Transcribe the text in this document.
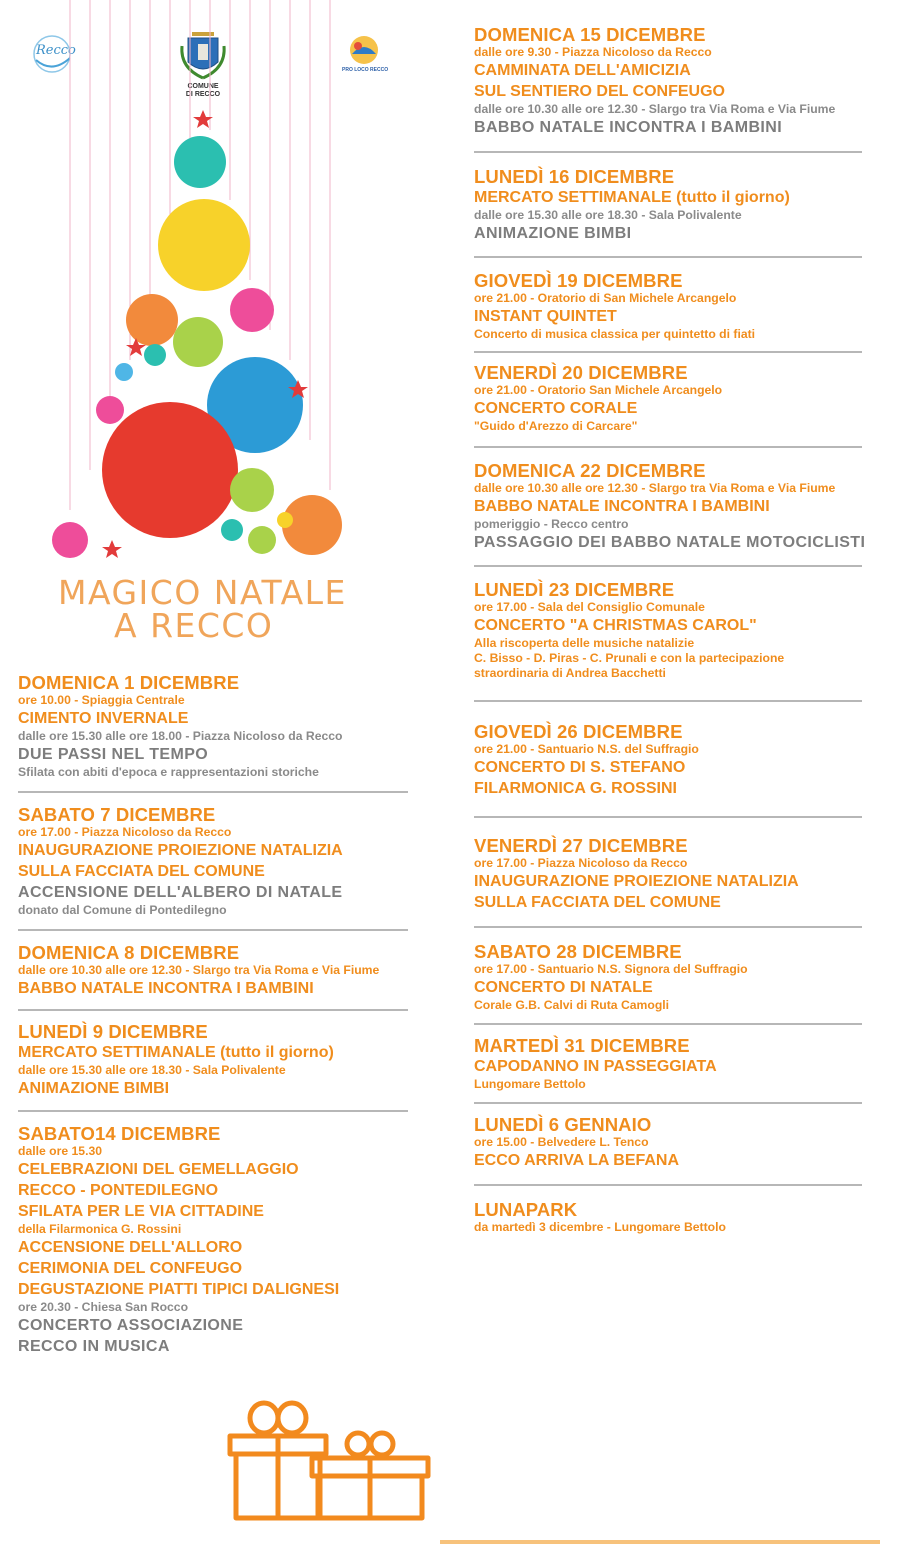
Recco
COMUNE
DI RECCO
PRO LOCO RECCO
MAGICO NATALE
A RECCO
DOMENICA 1 DICEMBRE
ore 10.00 - Spiaggia Centrale
CIMENTO INVERNALE
dalle ore 15.30 alle ore 18.00 - Piazza Nicoloso da Recco
DUE PASSI NEL TEMPO
Sfilata con abiti d'epoca e rappresentazioni storiche
SABATO 7 DICEMBRE
ore 17.00 - Piazza Nicoloso da Recco
INAUGURAZIONE PROIEZIONE NATALIZIA
SULLA FACCIATA DEL COMUNE
ACCENSIONE DELL'ALBERO DI NATALE
donato dal Comune di Pontedilegno
DOMENICA 8 DICEMBRE
dalle ore 10.30 alle ore 12.30 - Slargo tra Via Roma e Via Fiume
BABBO NATALE INCONTRA I BAMBINI
LUNEDÌ 9 DICEMBRE
MERCATO SETTIMANALE (tutto il giorno)
dalle ore 15.30 alle ore 18.30 - Sala Polivalente
ANIMAZIONE BIMBI
SABATO14 DICEMBRE
dalle ore 15.30
CELEBRAZIONI DEL GEMELLAGGIO
RECCO - PONTEDILEGNO
SFILATA PER LE VIA CITTADINE
della Filarmonica G. Rossini
ACCENSIONE DELL'ALLORO
CERIMONIA DEL CONFEUGO
DEGUSTAZIONE PIATTI TIPICI DALIGNESI
ore 20.30 - Chiesa San Rocco
CONCERTO ASSOCIAZIONE
RECCO IN MUSICA
DOMENICA 15 DICEMBRE
dalle ore 9.30 - Piazza Nicoloso da Recco
CAMMINATA DELL'AMICIZIA
SUL SENTIERO DEL CONFEUGO
dalle ore 10.30 alle ore 12.30 - Slargo tra Via Roma e Via Fiume
BABBO NATALE INCONTRA I BAMBINI
LUNEDÌ 16 DICEMBRE
MERCATO SETTIMANALE (tutto il giorno)
dalle ore 15.30 alle ore 18.30 - Sala Polivalente
ANIMAZIONE BIMBI
GIOVEDÌ 19 DICEMBRE
ore 21.00 - Oratorio di San Michele Arcangelo
INSTANT QUINTET
Concerto di musica classica per quintetto di fiati
VENERDÌ 20 DICEMBRE
ore 21.00 - Oratorio San Michele Arcangelo
CONCERTO CORALE
"Guido d'Arezzo di Carcare"
DOMENICA 22 DICEMBRE
dalle ore 10.30 alle ore 12.30 - Slargo tra Via Roma e Via Fiume
BABBO NATALE INCONTRA I BAMBINI
pomeriggio - Recco centro
PASSAGGIO DEI BABBO NATALE MOTOCICLISTI
LUNEDÌ 23 DICEMBRE
ore 17.00 - Sala del Consiglio Comunale
CONCERTO "A CHRISTMAS CAROL"
Alla riscoperta delle musiche natalizie
C. Bisso - D. Piras - C. Prunali e con la partecipazione
straordinaria di Andrea Bacchetti
GIOVEDÌ 26 DICEMBRE
ore 21.00 - Santuario N.S. del Suffragio
CONCERTO DI S. STEFANO
FILARMONICA G. ROSSINI
VENERDÌ 27 DICEMBRE
ore 17.00 - Piazza Nicoloso da Recco
INAUGURAZIONE PROIEZIONE NATALIZIA
SULLA FACCIATA DEL COMUNE
SABATO 28 DICEMBRE
ore 17.00 - Santuario N.S. Signora del Suffragio
CONCERTO DI NATALE
Corale G.B. Calvi di Ruta Camogli
MARTEDÌ 31 DICEMBRE
CAPODANNO IN PASSEGGIATA
Lungomare Bettolo
LUNEDÌ 6 GENNAIO
ore 15.00 - Belvedere L. Tenco
ECCO ARRIVA LA BEFANA
LUNAPARK
da martedì 3 dicembre - Lungomare Bettolo
